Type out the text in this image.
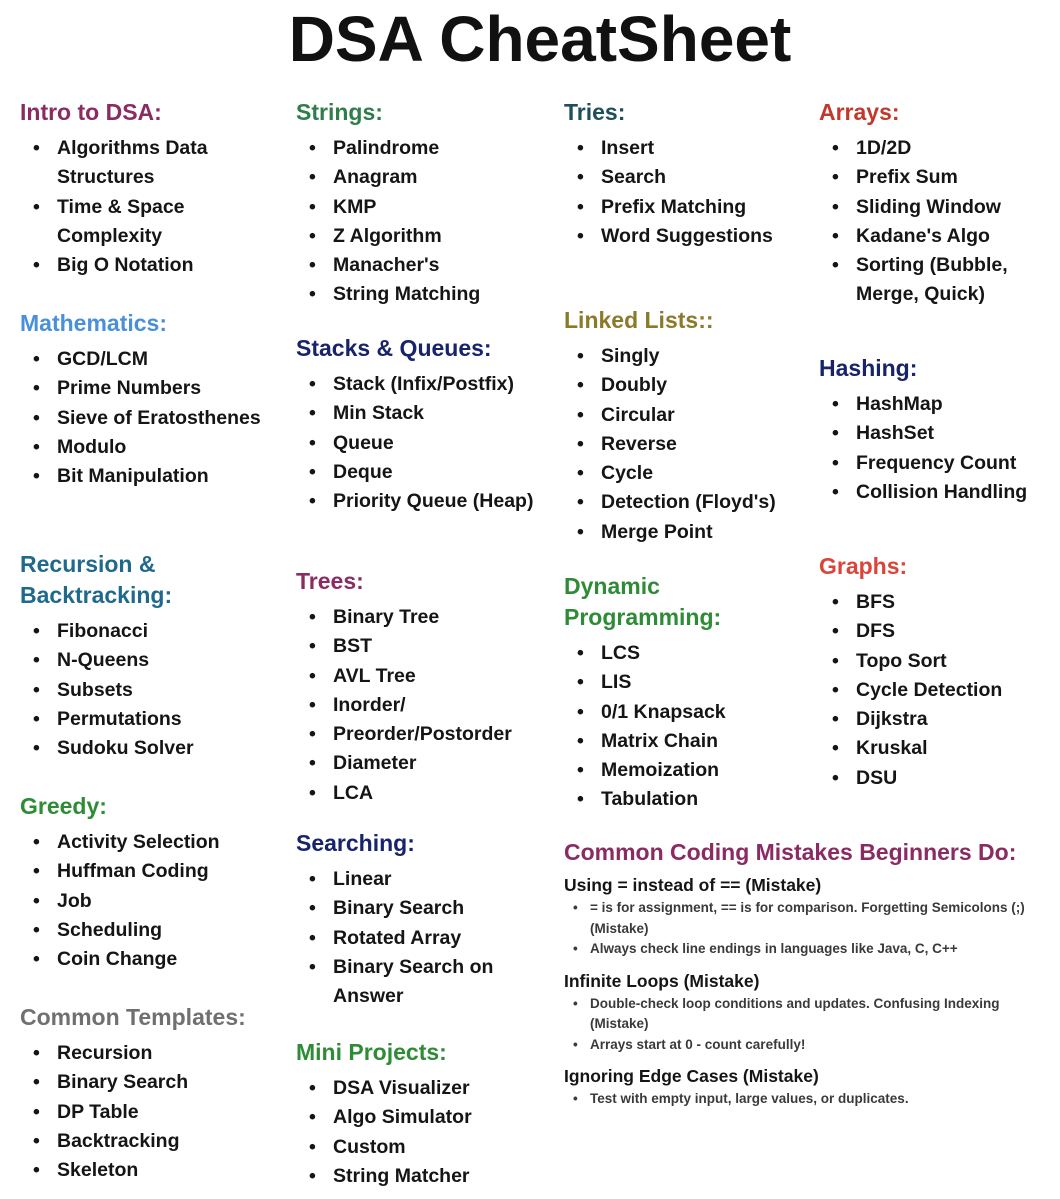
DSA CheatSheet
Intro to DSA:
• Algorithms Data Structures
• Time & Space Complexity
• Big O Notation
Mathematics:
• GCD/LCM
• Prime Numbers
• Sieve of Eratosthenes
• Modulo
• Bit Manipulation
Recursion & Backtracking:
• Fibonacci
• N-Queens
• Subsets
• Permutations
• Sudoku Solver
Greedy:
• Activity Selection
• Huffman Coding
• Job
• Scheduling
• Coin Change
Common Templates:
• Recursion
• Binary Search
• DP Table
• Backtracking
• Skeleton
Strings:
• Palindrome
• Anagram
• KMP
• Z Algorithm
• Manacher's
• String Matching
Stacks & Queues:
• Stack (Infix/Postfix)
• Min Stack
• Queue
• Deque
• Priority Queue (Heap)
Trees:
• Binary Tree
• BST
• AVL Tree
• Inorder/
• Preorder/Postorder
• Diameter
• LCA
Searching:
• Linear
• Binary Search
• Rotated Array
• Binary Search on Answer
Mini Projects:
• DSA Visualizer
• Algo Simulator
• Custom
• String Matcher
Tries:
• Insert
• Search
• Prefix Matching
• Word Suggestions
Linked Lists::
• Singly
• Doubly
• Circular
• Reverse
• Cycle
• Detection (Floyd's)
• Merge Point
Dynamic Programming:
• LCS
• LIS
• 0/1 Knapsack
• Matrix Chain
• Memoization
• Tabulation
Arrays:
• 1D/2D
• Prefix Sum
• Sliding Window
• Kadane's Algo
• Sorting (Bubble, Merge, Quick)
Hashing:
• HashMap
• HashSet
• Frequency Count
• Collision Handling
Graphs:
• BFS
• DFS
• Topo Sort
• Cycle Detection
• Dijkstra
• Kruskal
• DSU
Common Coding Mistakes Beginners Do:
Using = instead of == (Mistake)
• = is for assignment, == is for comparison. Forgetting Semicolons (;) (Mistake)
• Always check line endings in languages like Java, C, C++
Infinite Loops (Mistake)
• Double-check loop conditions and updates. Confusing Indexing (Mistake)
• Arrays start at 0 - count carefully!
Ignoring Edge Cases (Mistake)
• Test with empty input, large values, or duplicates.
